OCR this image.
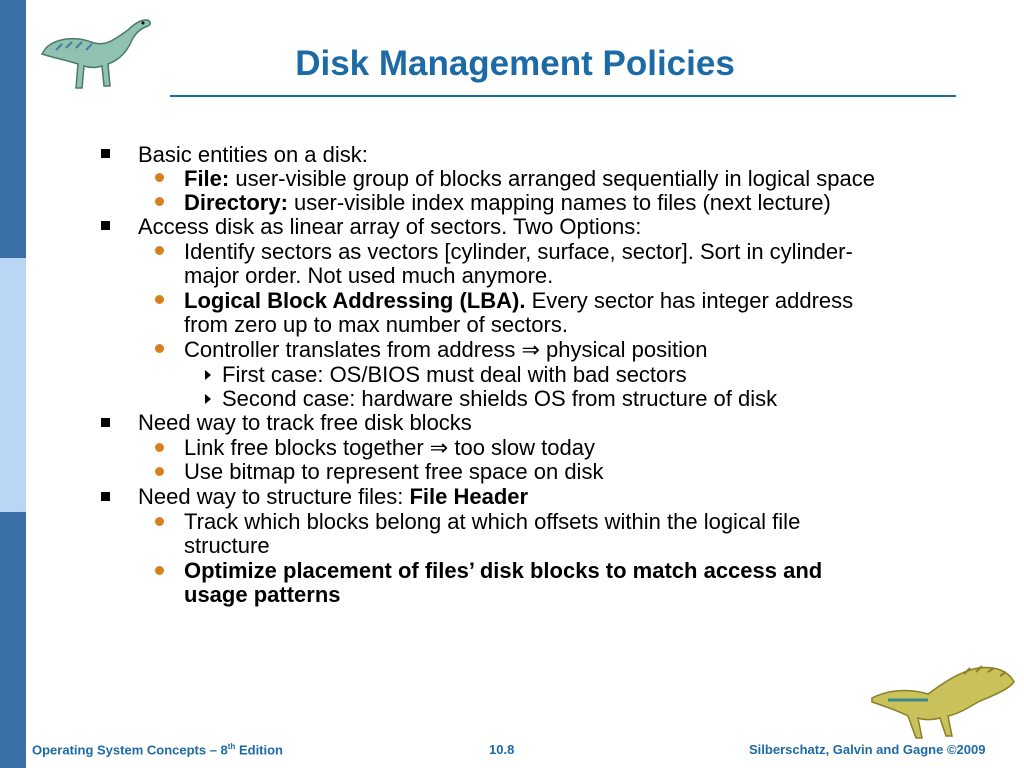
Disk Management Policies
Basic entities on a disk:
File: user-visible group of blocks arranged sequentially in logical space
Directory: user-visible index mapping names to files (next lecture)
Access disk as linear array of sectors. Two Options:
Identify sectors as vectors [cylinder, surface, sector]. Sort in cylinder-
major order. Not used much anymore.
Logical Block Addressing (LBA). Every sector has integer address
from zero up to max number of sectors.
Controller translates from address ⇒ physical position
First case: OS/BIOS must deal with bad sectors
Second case: hardware shields OS from structure of disk
Need way to track free disk blocks
Link free blocks together ⇒ too slow today
Use bitmap to represent free space on disk
Need way to structure files: File Header
Track which blocks belong at which offsets within the logical file
structure
Optimize placement of files’ disk blocks to match access and
usage patterns
Operating System Concepts – 8th Edition	10.8	Silberschatz, Galvin and Gagne ©2009
